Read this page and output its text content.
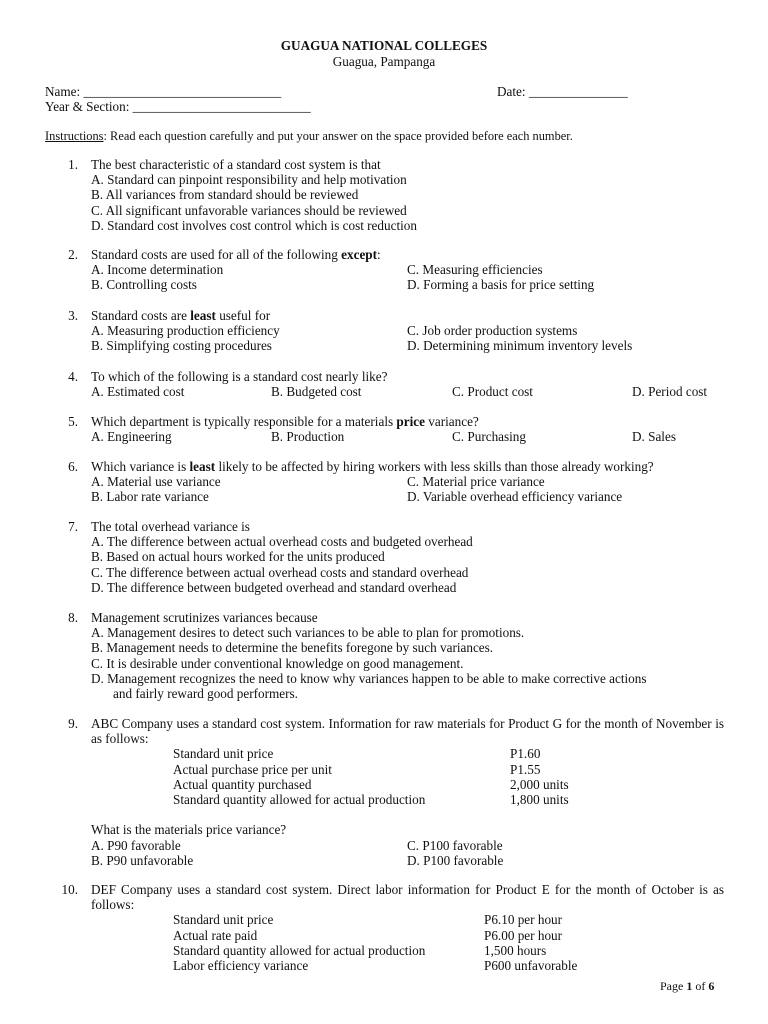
GUAGUA NATIONAL COLLEGES
Guagua, Pampanga
Name: ______________________________	Date: _______________
Year & Section: ___________________________
Instructions: Read each question carefully and put your answer on the space provided before each number.
1. The best characteristic of a standard cost system is that
A. Standard can pinpoint responsibility and help motivation
B. All variances from standard should be reviewed
C. All significant unfavorable variances should be reviewed
D. Standard cost involves cost control which is cost reduction
2. Standard costs are used for all of the following except:
A. Income determination	C. Measuring efficiencies
B. Controlling costs	D. Forming a basis for price setting
3. Standard costs are least useful for
A. Measuring production efficiency	C. Job order production systems
B. Simplifying costing procedures	D. Determining minimum inventory levels
4. To which of the following is a standard cost nearly like?
A. Estimated cost	B. Budgeted cost	C. Product cost	D. Period cost
5. Which department is typically responsible for a materials price variance?
A. Engineering	B. Production	C. Purchasing	D. Sales
6. Which variance is least likely to be affected by hiring workers with less skills than those already working?
A. Material use variance	C. Material price variance
B. Labor rate variance	D. Variable overhead efficiency variance
7. The total overhead variance is
A. The difference between actual overhead costs and budgeted overhead
B. Based on actual hours worked for the units produced
C. The difference between actual overhead costs and standard overhead
D. The difference between budgeted overhead and standard overhead
8. Management scrutinizes variances because
A. Management desires to detect such variances to be able to plan for promotions.
B. Management needs to determine the benefits foregone by such variances.
C. It is desirable under conventional knowledge on good management.
D. Management recognizes the need to know why variances happen to be able to make corrective actions
and fairly reward good performers.
9. ABC Company uses a standard cost system. Information for raw materials for Product G for the month of November is as follows:
Standard unit price	P1.60
Actual purchase price per unit	P1.55
Actual quantity purchased	2,000 units
Standard quantity allowed for actual production	1,800 units
What is the materials price variance?
A. P90 favorable	C. P100 favorable
B. P90 unfavorable	D. P100 favorable
10. DEF Company uses a standard cost system. Direct labor information for Product E for the month of October is as follows:
Standard unit price	P6.10 per hour
Actual rate paid	P6.00 per hour
Standard quantity allowed for actual production	1,500 hours
Labor efficiency variance	P600 unfavorable
Page 1 of 6
